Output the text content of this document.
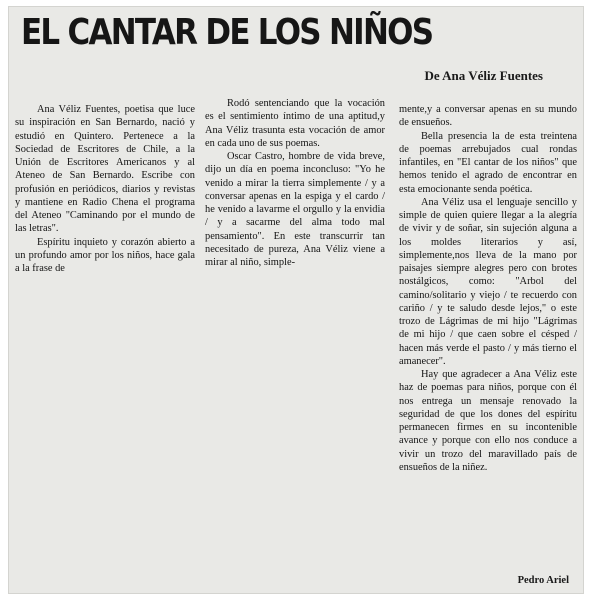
EL CANTAR DE LOS NIÑOS

De Ana Véliz Fuentes

Ana Véliz Fuentes, poetisa que luce su inspiración en San Bernardo, nació y estudió en Quintero. Pertenece a la Sociedad de Escritores de Chile, a la Unión de Escritores Americanos y al Ateneo de San Bernardo. Escribe con profusión en periódicos, diarios y revistas y mantiene en Radio Chena el programa del Ateneo "Caminando por el mundo de las letras".

Espíritu inquieto y corazón abierto a un profundo amor por los niños, hace gala a la frase de

Rodó sentenciando que la vocación es el sentimiento íntimo de una aptitud,y Ana Véliz trasunta esta vocación de amor en cada uno de sus poemas.

Oscar Castro, hombre de vida breve, dijo un día en poema inconcluso: "Yo he venido a mirar la tierra simplemente / y a conversar apenas en la espiga y el cardo / he venido a lavarme el orgullo y la envidia / y a sacarme del alma todo mal pensamiento". En este transcurrir tan necesitado de pureza, Ana Véliz viene a mirar al niño, simple-

mente,y a conversar apenas en su mundo de ensueños.

Bella presencia la de esta treintena de poemas arrebujados cual rondas infantiles, en "El cantar de los niños" que hemos tenido el agrado de encontrar en esta emocionante senda poética.

Ana Véliz usa el lenguaje sencillo y simple de quien quiere llegar a la alegría de vivir y de soñar, sin sujeción alguna a los moldes literarios y así, simplemente,nos lleva de la mano por paisajes siempre alegres pero con brotes nostálgicos, como: "Arbol del camino/solitario y viejo / te recuerdo con cariño / y te saludo desde lejos," o este trozo de Lágrimas de mi hijo "Lágrimas de mi hijo / que caen sobre el césped / hacen más verde el pasto / y más tierno el amanecer".

Hay que agradecer a Ana Véliz este haz de poemas para niños, porque con él nos entrega un mensaje renovado la seguridad de que los dones del espíritu permanecen firmes en su incontenible avance y porque con ello nos conduce a vivir un trozo del maravillado país de ensueños de la niñez.

Pedro Ariel
